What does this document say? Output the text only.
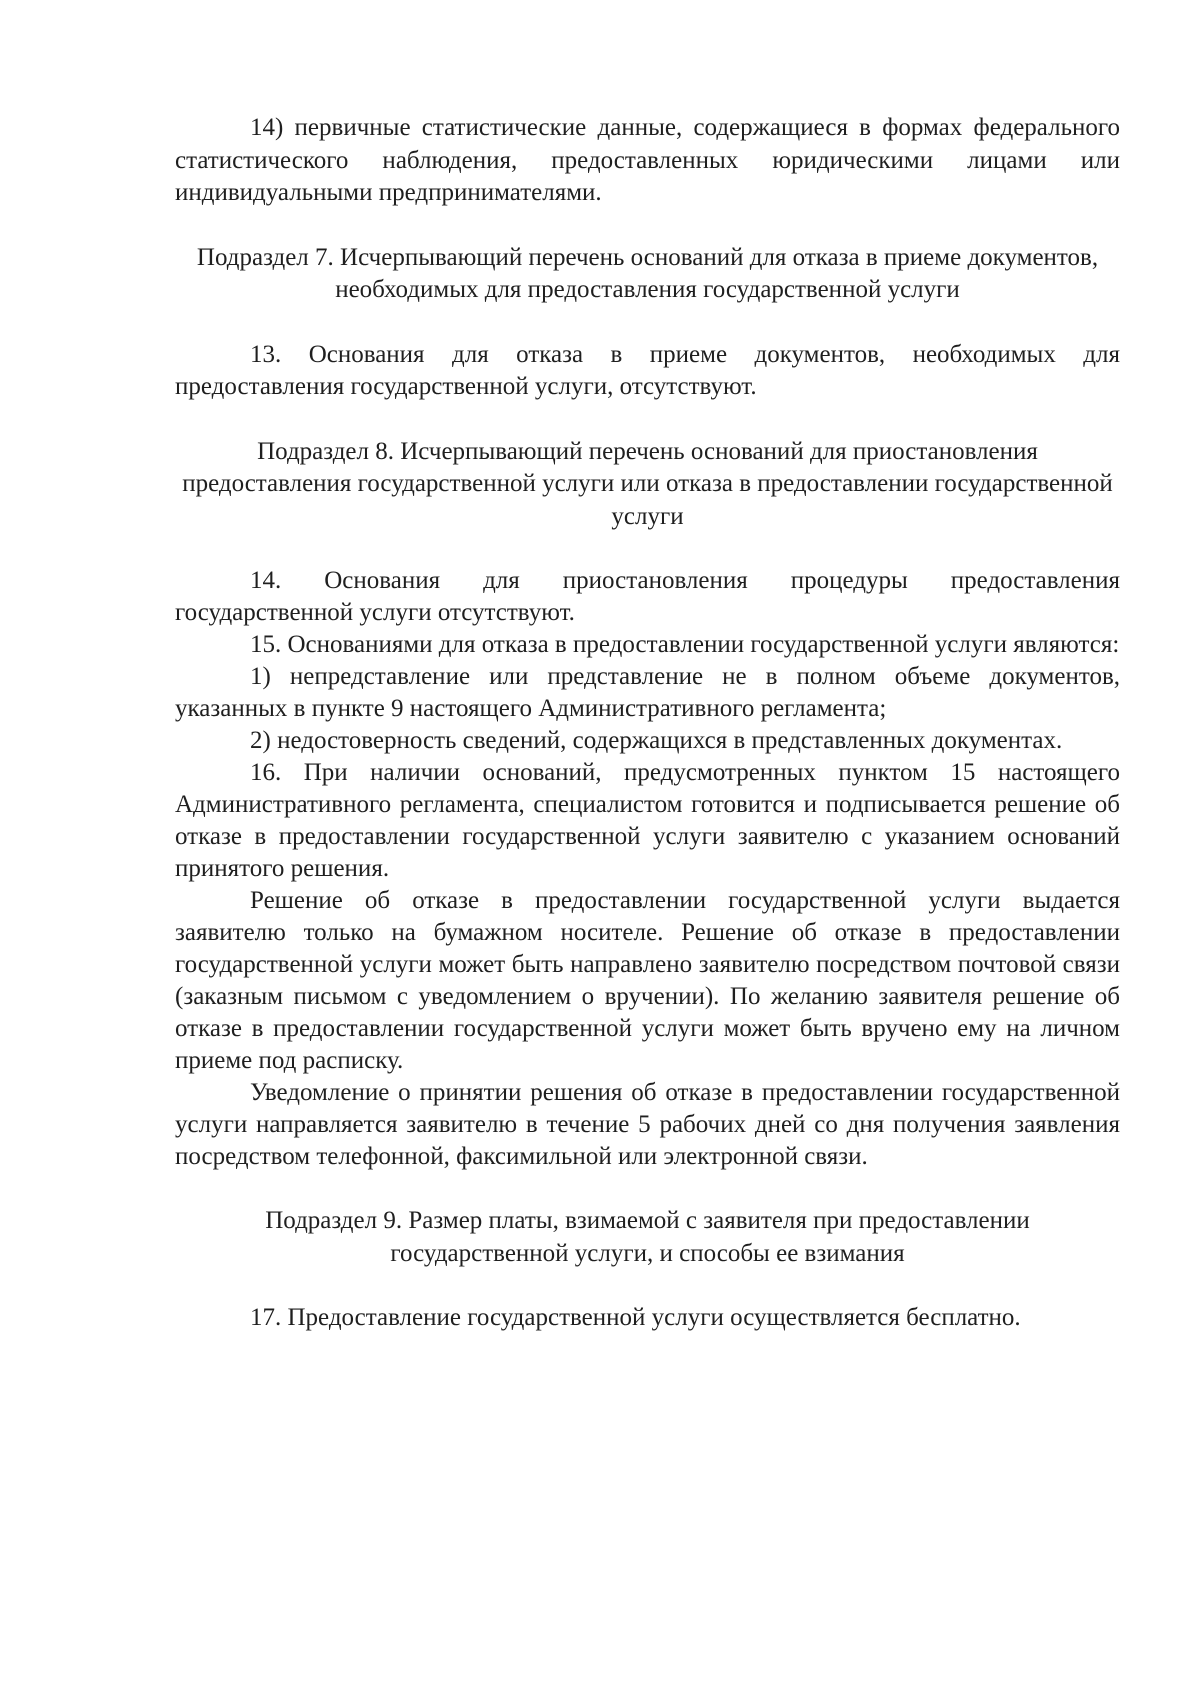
14) первичные статистические данные, содержащиеся в формах федерального статистического наблюдения, предоставленных юридическими лицами или индивидуальными предпринимателями.

Подраздел 7. Исчерпывающий перечень оснований для отказа в приеме документов, необходимых для предоставления государственной услуги

13. Основания для отказа в приеме документов, необходимых для предоставления государственной услуги, отсутствуют.

Подраздел 8. Исчерпывающий перечень оснований для приостановления предоставления государственной услуги или отказа в предоставлении государственной услуги

14. Основания для приостановления процедуры предоставления государственной услуги отсутствуют.

15. Основаниями для отказа в предоставлении государственной услуги являются:

1) непредставление или представление не в полном объеме документов, указанных в пункте 9 настоящего Административного регламента;

2) недостоверность сведений, содержащихся в представленных документах.

16. При наличии оснований, предусмотренных пунктом 15 настоящего Административного регламента, специалистом готовится и подписывается решение об отказе в предоставлении государственной услуги заявителю с указанием оснований принятого решения.

Решение об отказе в предоставлении государственной услуги выдается заявителю только на бумажном носителе. Решение об отказе в предоставлении государственной услуги может быть направлено заявителю посредством почтовой связи (заказным письмом с уведомлением о вручении). По желанию заявителя решение об отказе в предоставлении государственной услуги может быть вручено ему на личном приеме под расписку.

Уведомление о принятии решения об отказе в предоставлении государственной услуги направляется заявителю в течение 5 рабочих дней со дня получения заявления посредством телефонной, факсимильной или электронной связи.

Подраздел 9. Размер платы, взимаемой с заявителя при предоставлении государственной услуги, и способы ее взимания

17. Предоставление государственной услуги осуществляется бесплатно.
